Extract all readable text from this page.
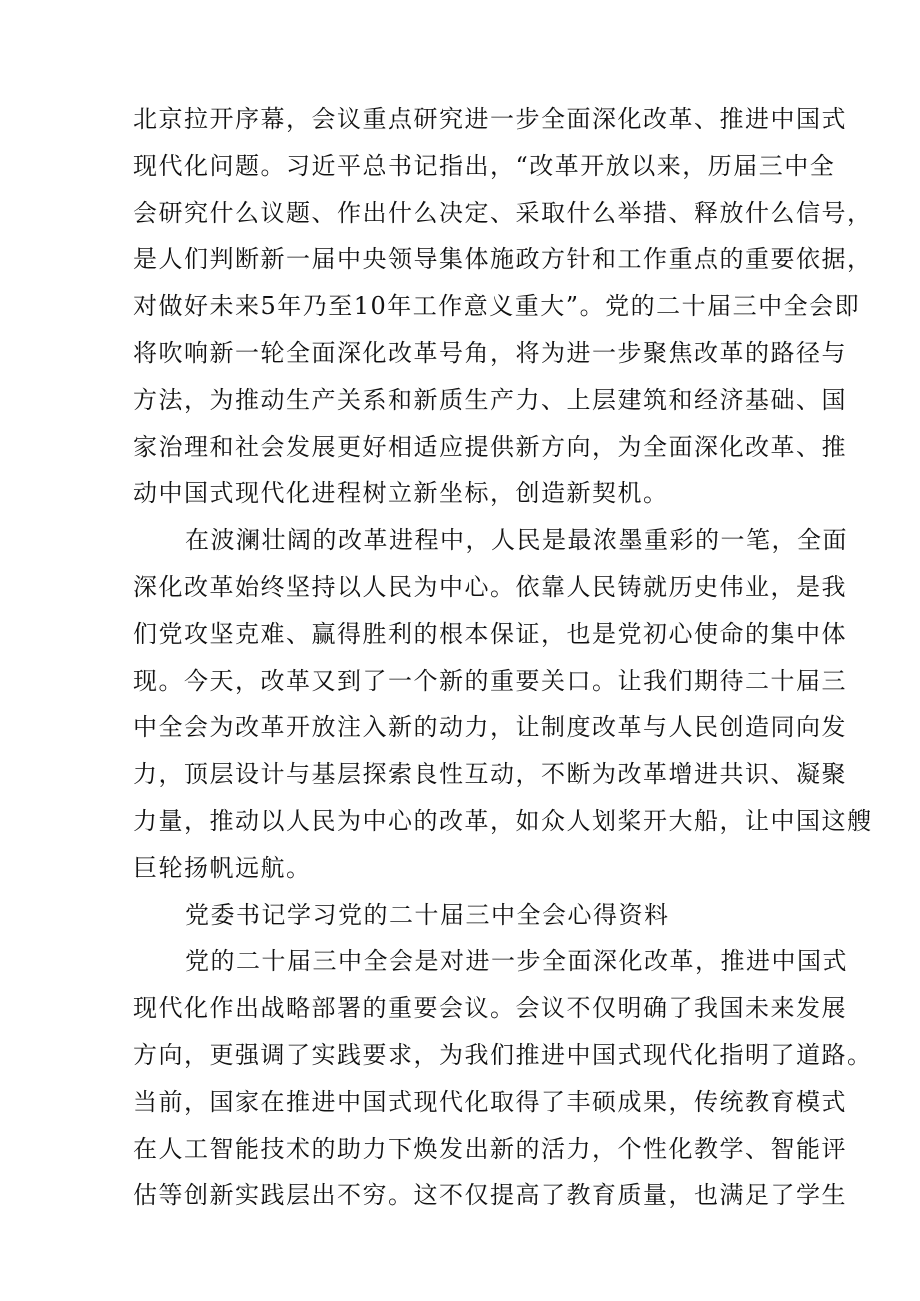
北京拉开序幕，会议重点研究进一步全面深化改革、推进中国式
现代化问题。习近平总书记指出，“改革开放以来，历届三中全
会研究什么议题、作出什么决定、采取什么举措、释放什么信号，
是人们判断新一届中央领导集体施政方针和工作重点的重要依据，
对做好未来5年乃至10年工作意义重大”。党的二十届三中全会即
将吹响新一轮全面深化改革号角，将为进一步聚焦改革的路径与
方法，为推动生产关系和新质生产力、上层建筑和经济基础、国
家治理和社会发展更好相适应提供新方向，为全面深化改革、推
动中国式现代化进程树立新坐标，创造新契机。
在波澜壮阔的改革进程中，人民是最浓墨重彩的一笔，全面
深化改革始终坚持以人民为中心。依靠人民铸就历史伟业，是我
们党攻坚克难、赢得胜利的根本保证，也是党初心使命的集中体
现。今天，改革又到了一个新的重要关口。让我们期待二十届三
中全会为改革开放注入新的动力，让制度改革与人民创造同向发
力，顶层设计与基层探索良性互动，不断为改革增进共识、凝聚
力量，推动以人民为中心的改革，如众人划桨开大船，让中国这艘
巨轮扬帆远航。
党委书记学习党的二十届三中全会心得资料
党的二十届三中全会是对进一步全面深化改革，推进中国式
现代化作出战略部署的重要会议。会议不仅明确了我国未来发展
方向，更强调了实践要求，为我们推进中国式现代化指明了道路。
当前，国家在推进中国式现代化取得了丰硕成果，传统教育模式
在人工智能技术的助力下焕发出新的活力，个性化教学、智能评
估等创新实践层出不穷。这不仅提高了教育质量，也满足了学生
